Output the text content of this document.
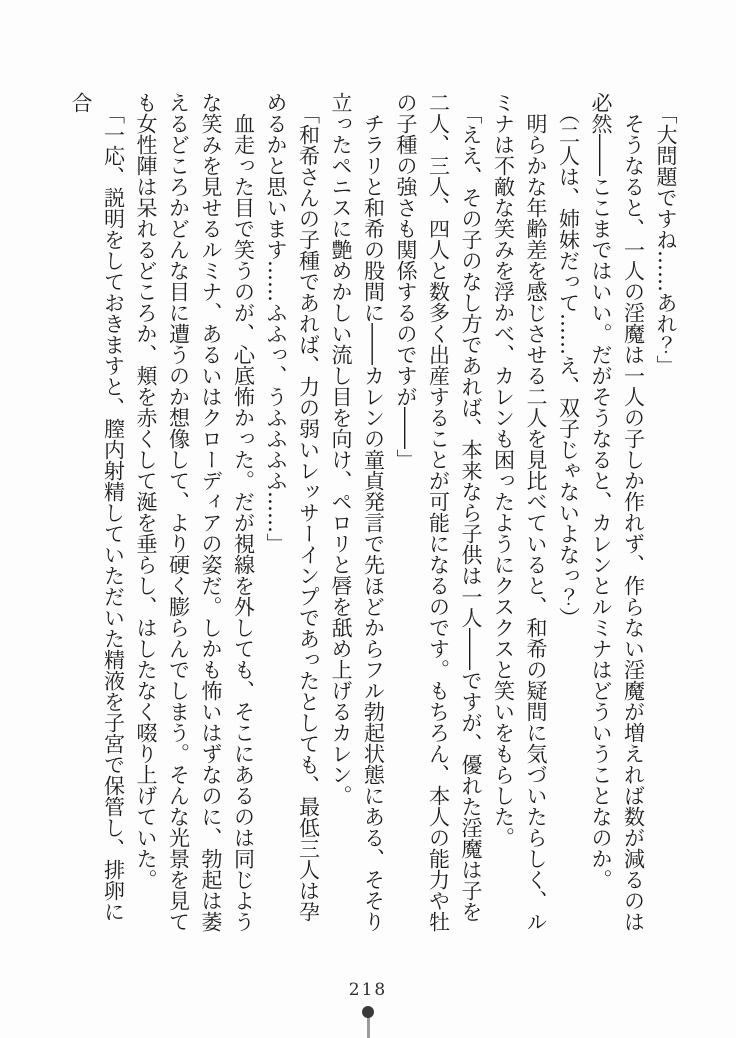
「大問題ですね……あれ？」

そうなると、一人の淫魔は一人の子しか作れず、作らない淫魔が増えれば数が減るのは必然――ここまではいい。だがそうなると、カレンとルミナはどういうことなのか。

（二人は、姉妹だって……え、双子じゃないよなっ？）

明らかな年齢差を感じさせる二人を見比べていると、和希の疑問に気づいたらしく、ルミナは不敵な笑みを浮かべ、カレンも困ったようにクスクスと笑いをもらした。

「ええ、その子のなし方であれば、本来なら子供は一人――ですが、優れた淫魔は子を二人、三人、四人と数多く出産することが可能になるのです。もちろん、本人の能力や牡の子種の強さも関係するのですが――」

チラリと和希の股間に――カレンの童貞発言で先ほどからフル勃起状態にある、そそり立ったペニスに艶めかしい流し目を向け、ペロリと唇を舐め上げるカレン。

「和希さんの子種であれば、力の弱いレッサーインプであったとしても、最低三人は孕めるかと思います……ふふっ、うふふふふ……」

血走った目で笑うのが、心底怖かった。だが視線を外しても、そこにあるのは同じような笑みを見せるルミナ、あるいはクローディアの姿だ。しかも怖いはずなのに、勃起は萎えるどころかどんな目に遭うのか想像して、より硬く膨らんでしまう。そんな光景を見ても女性陣は呆れるどころか、頬を赤くして涎を垂らし、はしたなく啜り上げていた。

「一応、説明をしておきますと、膣内射精していただいた精液を子宮で保管し、排卵に合

218
